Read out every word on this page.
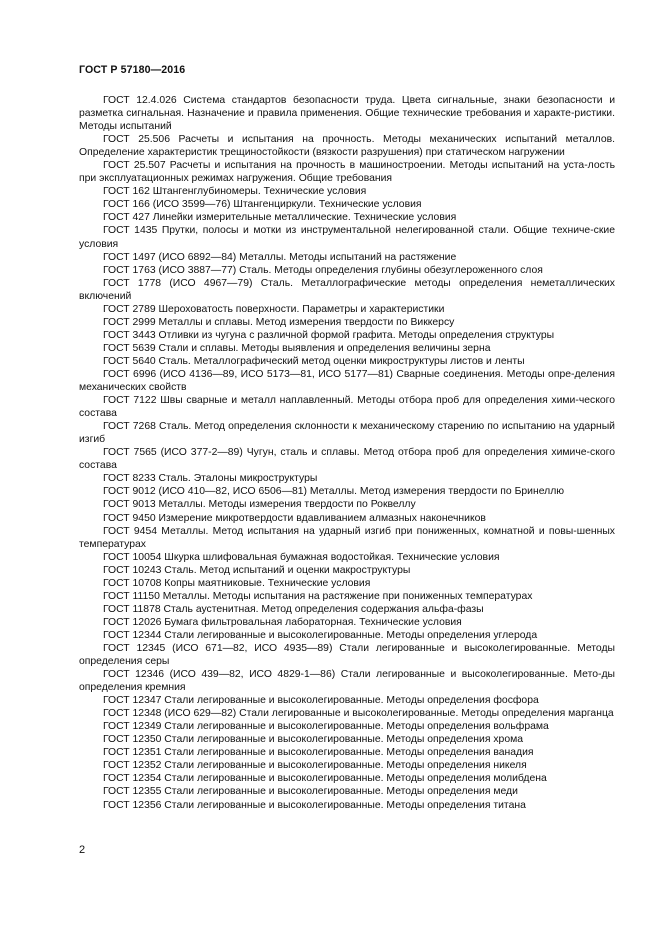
ГОСТ Р 57180—2016

ГОСТ 12.4.026 Система стандартов безопасности труда. Цвета сигнальные, знаки безопасности и разметка сигнальная. Назначение и правила применения. Общие технические требования и характе-ристики. Методы испытаний

ГОСТ 25.506 Расчеты и испытания на прочность. Методы механических испытаний металлов. Определение характеристик трещиностойкости (вязкости разрушения) при статическом нагружении

ГОСТ 25.507 Расчеты и испытания на прочность в машиностроении. Методы испытаний на уста-лость при эксплуатационных режимах нагружения. Общие требования

ГОСТ 162 Штангенглубиномеры. Технические условия

ГОСТ 166 (ИСО 3599—76) Штангенциркули. Технические условия

ГОСТ 427 Линейки измерительные металлические. Технические условия

ГОСТ 1435 Прутки, полосы и мотки из инструментальной нелегированной стали. Общие техниче-ские условия

ГОСТ 1497 (ИСО 6892—84) Металлы. Методы испытаний на растяжение

ГОСТ 1763 (ИСО 3887—77) Сталь. Методы определения глубины обезуглероженного слоя

ГОСТ 1778 (ИСО 4967—79) Сталь. Металлографические методы определения неметаллических включений

ГОСТ 2789 Шероховатость поверхности. Параметры и характеристики

ГОСТ 2999 Металлы и сплавы. Метод измерения твердости по Виккерсу

ГОСТ 3443 Отливки из чугуна с различной формой графита. Методы определения структуры

ГОСТ 5639 Стали и сплавы. Методы выявления и определения величины зерна

ГОСТ 5640 Сталь. Металлографический метод оценки микроструктуры листов и ленты

ГОСТ 6996 (ИСО 4136—89, ИСО 5173—81, ИСО 5177—81) Сварные соединения. Методы опре-деления механических свойств

ГОСТ 7122 Швы сварные и металл наплавленный. Методы отбора проб для определения хими-ческого состава

ГОСТ 7268 Сталь. Метод определения склонности к механическому старению по испытанию на ударный изгиб

ГОСТ 7565 (ИСО 377-2—89) Чугун, сталь и сплавы. Метод отбора проб для определения химиче-ского состава

ГОСТ 8233 Сталь. Эталоны микроструктуры

ГОСТ 9012 (ИСО 410—82, ИСО 6506—81) Металлы. Метод измерения твердости по Бринеллю

ГОСТ 9013 Металлы. Методы измерения твердости по Роквеллу

ГОСТ 9450 Измерение микротвердости вдавливанием алмазных наконечников

ГОСТ 9454 Металлы. Метод испытания на ударный изгиб при пониженных, комнатной и повы-шенных температурах

ГОСТ 10054 Шкурка шлифовальная бумажная водостойкая. Технические условия

ГОСТ 10243 Сталь. Метод испытаний и оценки макроструктуры

ГОСТ 10708 Копры маятниковые. Технические условия

ГОСТ 11150 Металлы. Методы испытания на растяжение при пониженных температурах

ГОСТ 11878 Сталь аустенитная. Метод определения содержания альфа-фазы

ГОСТ 12026 Бумага фильтровальная лабораторная. Технические условия

ГОСТ 12344 Стали легированные и высоколегированные. Методы определения углерода

ГОСТ 12345 (ИСО 671—82, ИСО 4935—89) Стали легированные и высоколегированные. Методы определения серы

ГОСТ 12346 (ИСО 439—82, ИСО 4829-1—86) Стали легированные и высоколегированные. Мето-ды определения кремния

ГОСТ 12347 Стали легированные и высоколегированные. Методы определения фосфора

ГОСТ 12348 (ИСО 629—82) Стали легированные и высоколегированные. Методы определения марганца

ГОСТ 12349 Стали легированные и высоколегированные. Методы определения вольфрама

ГОСТ 12350 Стали легированные и высоколегированные. Методы определения хрома

ГОСТ 12351 Стали легированные и высоколегированные. Методы определения ванадия

ГОСТ 12352 Стали легированные и высоколегированные. Методы определения никеля

ГОСТ 12354 Стали легированные и высоколегированные. Методы определения молибдена

ГОСТ 12355 Стали легированные и высоколегированные. Методы определения меди

ГОСТ 12356 Стали легированные и высоколегированные. Методы определения титана

2
